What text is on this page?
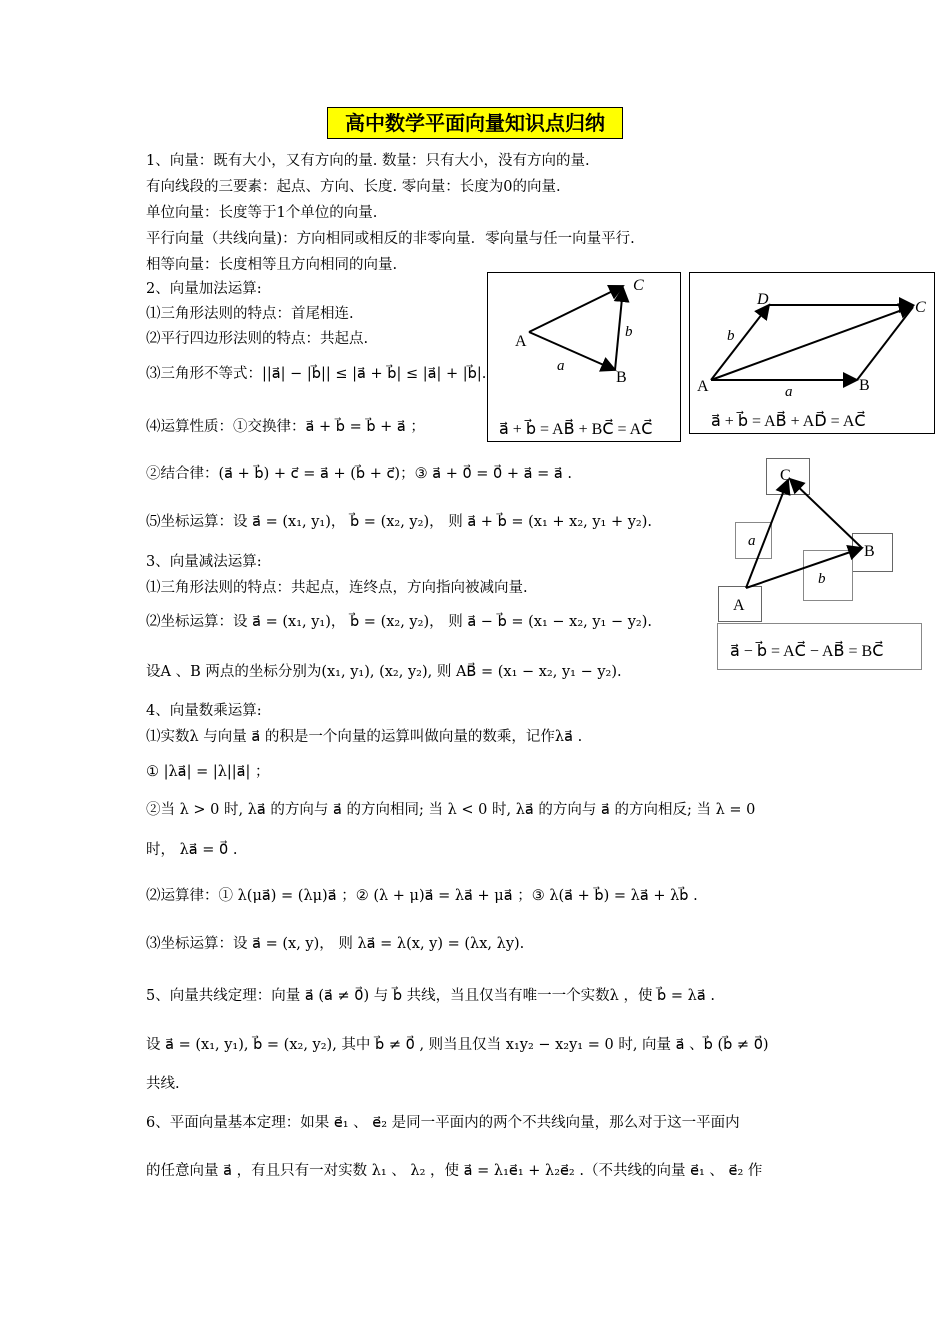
高中数学平面向量知识点归纳
1、向量：既有大小，又有方向的量. 数量：只有大小，没有方向的量.
有向线段的三要素：起点、方向、长度. 零向量：长度为0的向量.
单位向量：长度等于1个单位的向量.
平行向量（共线向量)：方向相同或相反的非零向量．零向量与任一向量平行.
相等向量：长度相等且方向相同的向量.
2、向量加法运算:
⑴三角形法则的特点：首尾相连.
⑵平行四边形法则的特点：共起点.
⑶三角形不等式：||a⃗| − |b⃗|| ≤ |a⃗ + b⃗| ≤ |a⃗| + |b⃗|.
⑷运算性质：①交换律：a⃗ + b⃗ = b⃗ + a⃗ ；
②结合律：(a⃗ + b⃗) + c⃗ = a⃗ + (b⃗ + c⃗)；③ a⃗ + 0⃗ = 0⃗ + a⃗ = a⃗ .
⑸坐标运算：设 a⃗ = (x₁, y₁)， b⃗ = (x₂, y₂)， 则 a⃗ + b⃗ = (x₁ + x₂, y₁ + y₂).
3、向量减法运算:
⑴三角形法则的特点：共起点，连终点，方向指向被减向量.
⑵坐标运算：设 a⃗ = (x₁, y₁)， b⃗ = (x₂, y₂)， 则 a⃗ − b⃗ = (x₁ − x₂, y₁ − y₂).
设Α 、Β 两点的坐标分别为(x₁, y₁), (x₂, y₂), 则 AB⃗ = (x₁ − x₂, y₁ − y₂).
4、向量数乘运算:
⑴实数λ 与向量 a⃗ 的积是一个向量的运算叫做向量的数乘，记作λa⃗ .
① |λa⃗| = |λ||a⃗| ；
②当 λ > 0 时, λa⃗ 的方向与 a⃗ 的方向相同; 当 λ < 0 时, λa⃗ 的方向与 a⃗ 的方向相反; 当 λ = 0
时， λa⃗ = 0⃗ .
⑵运算律：① λ(μa⃗) = (λμ)a⃗ ；② (λ + μ)a⃗ = λa⃗ + μa⃗ ；③ λ(a⃗ + b⃗) = λa⃗ + λb⃗ .
⑶坐标运算：设 a⃗ = (x, y)， 则 λa⃗ = λ(x, y) = (λx, λy).
5、向量共线定理：向量 a⃗ (a⃗ ≠ 0⃗) 与 b⃗ 共线，当且仅当有唯一一个实数λ ，使 b⃗ = λa⃗ .
设 a⃗ = (x₁, y₁), b⃗ = (x₂, y₂), 其中 b⃗ ≠ 0⃗ , 则当且仅当 x₁y₂ − x₂y₁ = 0 时, 向量 a⃗ 、b⃗ (b⃗ ≠ 0⃗)
共线.
6、平面向量基本定理：如果 e⃗₁ 、 e⃗₂ 是同一平面内的两个不共线向量，那么对于这一平面内
的任意向量 a⃗ ，有且只有一对实数 λ₁ 、 λ₂ ，使 a⃗ = λ₁e⃗₁ + λ₂e⃗₂ .（不共线的向量 e⃗₁ 、 e⃗₂ 作
A
B
C
a⃗
b⃗
a⃗ + b⃗ = AB⃗ + BC⃗ = AC⃗
A	B
C
D
a⃗
b⃗
a⃗ + b⃗ = AB⃗ + AD⃗ = AC⃗
C
B
A
a⃗
b⃗
a⃗ − b⃗ = AC⃗ − AB⃗ = BC⃗
